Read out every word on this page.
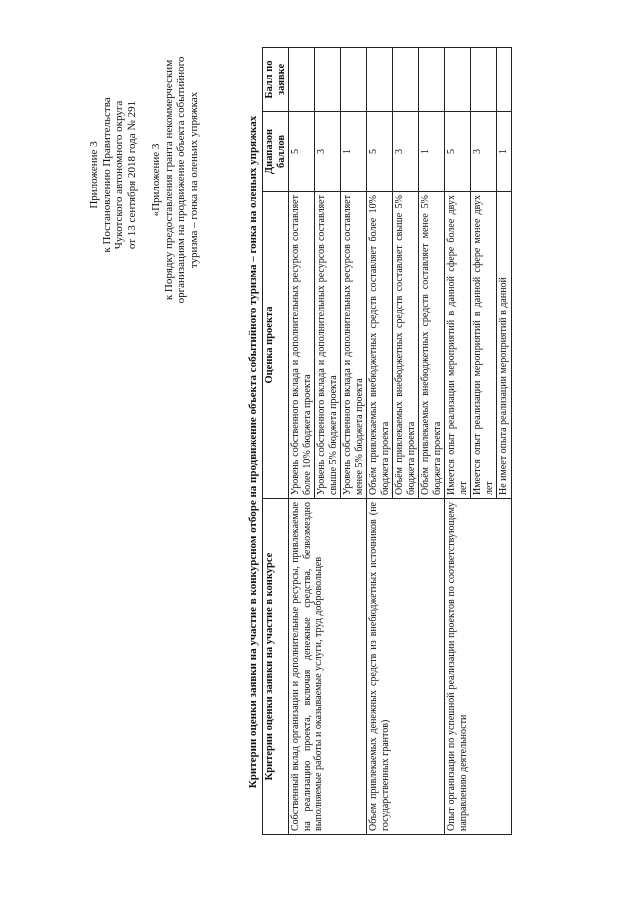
Приложение 3 к Постановлению Правительства Чукотского автономного округа от 13 сентября 2018 года № 291 «Приложение 3 к Порядку предоставления гранта некоммерческим организациям на продвижение объекта событийного туризма – гонка на оленьих упряжках	Критерии оценки заявки на участие в конкурсном отборе на продвижение объекта событийного туризма – гонка на оленьих упряжках Критерии оценки заявки на участие в конкурсе	Оценка проекта	Диапазон баллов	Балл по заявке
Собственный вклад организации и дополнительные ресурсы, привлекаемые на реализацию проекта, включая денежные средства, безвозмездно выполняемые работы и оказываемые услуги, труд добровольцев	Уровень собственного вклада и дополнительных ресурсов составляет более 10% бюджета проекта	5	
	Уровень собственного вклада и дополнительных ресурсов составляет свыше 5% бюджета проекта	3	
	Уровень собственного вклада и дополнительных ресурсов составляет менее 5% бюджета проекта	1	
Объем привлекаемых денежных средств из внебюджетных источников (не государственных грантов)	Объём привлекаемых внебюджетных средств составляет более 10% бюджета проекта	5	
	Объём привлекаемых внебюджетных средств составляет свыше 5% бюджета проекта	3	
	Объём привлекаемых внебюджетных средств составляет менее 5% бюджета проекта	1	
Опыт организации по успешной реализации проектов по соответствующему направлению деятельности	Имеется опыт реализации мероприятий в данной сфере более двух лет	5	
	Имеется опыт реализации мероприятий в данной сфере менее двух лет	3	
	Не имеет опыта реализации мероприятий в данной	1	
